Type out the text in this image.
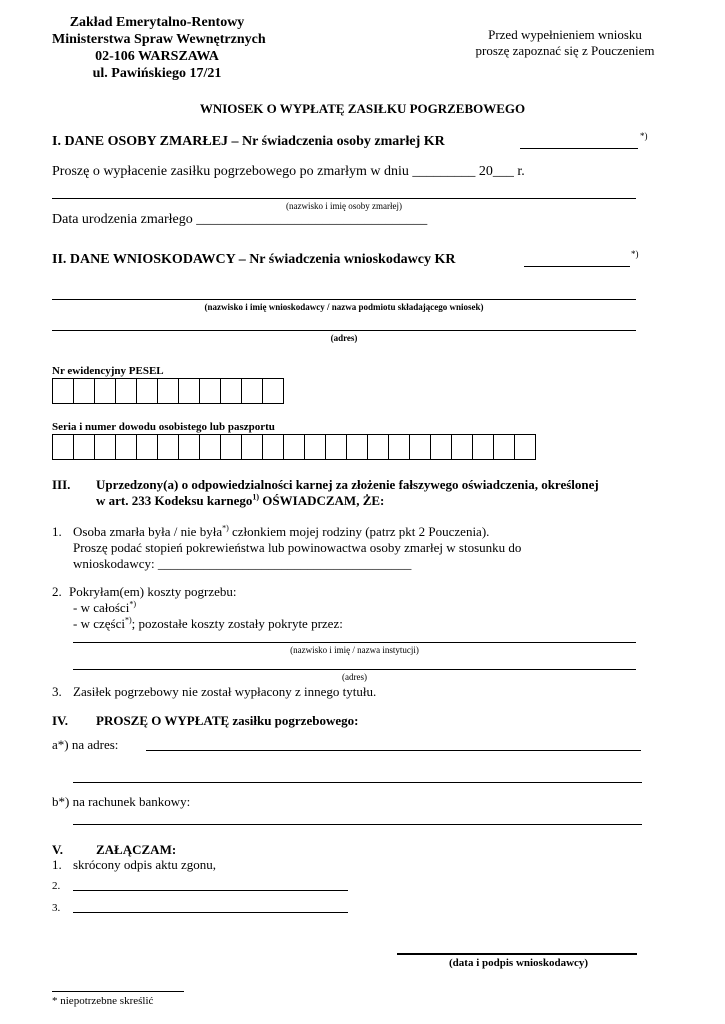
Zakład Emerytalno-Rentowy
Ministerstwa Spraw Wewnętrznych
02-106 WARSZAWA
ul. Pawińskiego 17/21
Przed wypełnieniem wniosku
proszę zapoznać się z Pouczeniem
WNIOSEK O WYPŁATĘ ZASIŁKU POGRZEBOWEGO
I. DANE OSOBY ZMARŁEJ – Nr świadczenia osoby zmarłej KR	*)
Proszę o wypłacenie zasiłku pogrzebowego po zmarłym w dniu _________ 20___ r.
(nazwisko i imię osoby zmarłej)
Data urodzenia zmarłego _________________________________
II. DANE WNIOSKODAWCY – Nr świadczenia wnioskodawcy KR	*)
(nazwisko i imię wnioskodawcy / nazwa podmiotu składającego wniosek)
(adres)
Nr ewidencyjny PESEL
Seria i numer dowodu osobistego lub paszportu
III. Uprzedzony(a) o odpowiedzialności karnej za złożenie fałszywego oświadczenia, określonej
w art. 233 Kodeksu karnego$^{1)}$ OŚWIADCZAM, ŻE:
1. Osoba zmarła była / nie była*) członkiem mojej rodziny (patrz pkt 2 Pouczenia).
Proszę podać stopień pokrewieństwa lub powinowactwa osoby zmarłej w stosunku do
wnioskodawcy: _______________________________________
2. Pokryłam(em) koszty pogrzebu:
- w całości*)
- w części*); pozostałe koszty zostały pokryte przez:
(nazwisko i imię / nazwa instytucji)
(adres)
3. Zasiłek pogrzebowy nie został wypłacony z innego tytułu.
IV. PROSZĘ O WYPŁATĘ zasiłku pogrzebowego:
a*) na adres:
b*) na rachunek bankowy:
V.	ZAŁĄCZAM:
1. skrócony odpis aktu zgonu,
2.
3.
(data i podpis wnioskodawcy)
* niepotrzebne skreślić
